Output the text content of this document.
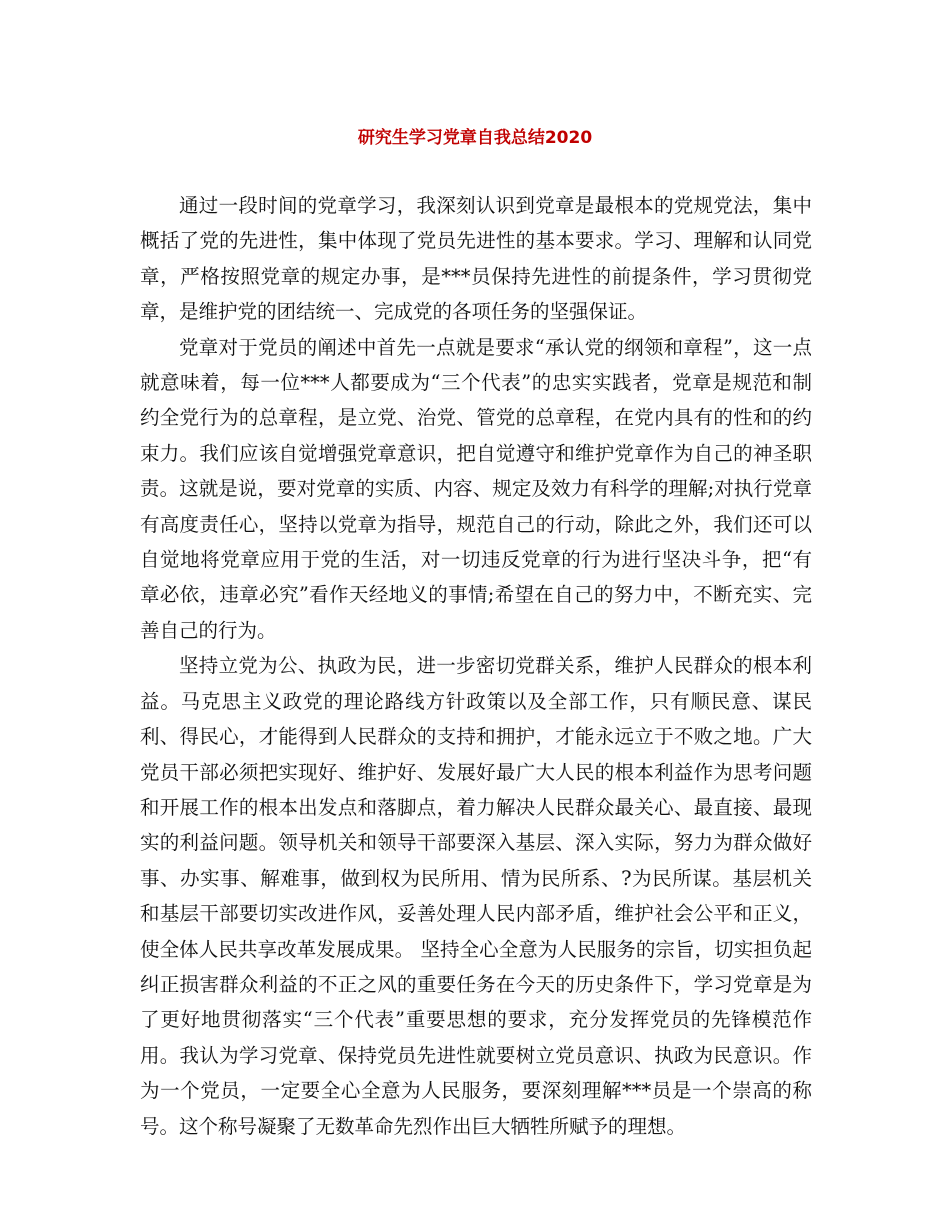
研究生学习党章自我总结2020

通过一段时间的党章学习，我深刻认识到党章是最根本的党规党法，集中概括了党的先进性，集中体现了党员先进性的基本要求。学习、理解和认同党章，严格按照党章的规定办事，是***员保持先进性的前提条件，学习贯彻党章，是维护党的团结统一、完成党的各项任务的坚强保证。

党章对于党员的阐述中首先一点就是要求“承认党的纲领和章程”，这一点就意味着，每一位***人都要成为“三个代表”的忠实实践者，党章是规范和制约全党行为的总章程，是立党、治党、管党的总章程，在党内具有的性和的约束力。我们应该自觉增强党章意识，把自觉遵守和维护党章作为自己的神圣职责。这就是说，要对党章的实质、内容、规定及效力有科学的理解;对执行党章有高度责任心，坚持以党章为指导，规范自己的行动，除此之外，我们还可以自觉地将党章应用于党的生活，对一切违反党章的行为进行坚决斗争，把“有章必依，违章必究”看作天经地义的事情;希望在自己的努力中，不断充实、完善自己的行为。

坚持立党为公、执政为民，进一步密切党群关系，维护人民群众的根本利益。马克思主义政党的理论路线方针政策以及全部工作，只有顺民意、谋民利、得民心，才能得到人民群众的支持和拥护，才能永远立于不败之地。广大党员干部必须把实现好、维护好、发展好最广大人民的根本利益作为思考问题和开展工作的根本出发点和落脚点，着力解决人民群众最关心、最直接、最现实的利益问题。领导机关和领导干部要深入基层、深入实际，努力为群众做好事、办实事、解难事，做到权为民所用、情为民所系、?为民所谋。基层机关和基层干部要切实改进作风，妥善处理人民内部矛盾，维护社会公平和正义，使全体人民共享改革发展成果。 坚持全心全意为人民服务的宗旨，切实担负起纠正损害群众利益的不正之风的重要任务在今天的历史条件下，学习党章是为了更好地贯彻落实“三个代表”重要思想的要求，充分发挥党员的先锋模范作用。我认为学习党章、保持党员先进性就要树立党员意识、执政为民意识。作为一个党员，一定要全心全意为人民服务，要深刻理解***员是一个崇高的称号。这个称号凝聚了无数革命先烈作出巨大牺牲所赋予的理想。
